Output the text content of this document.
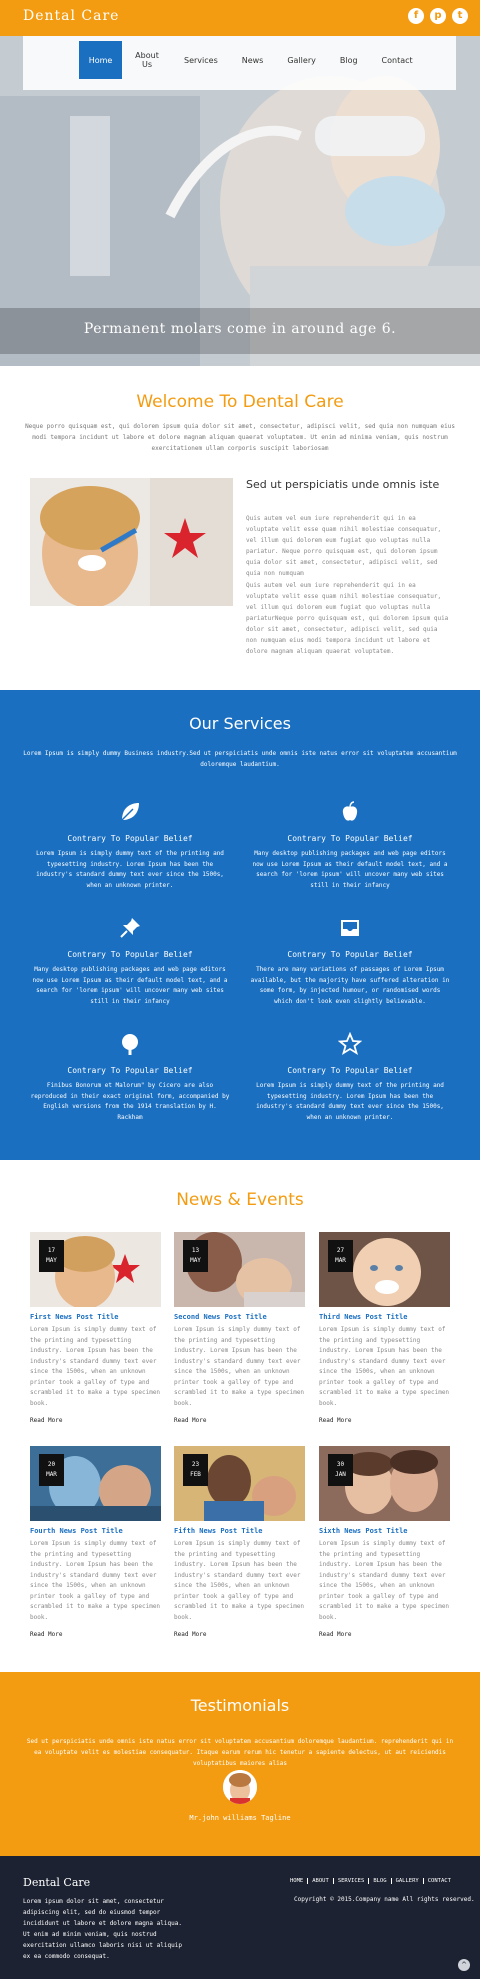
Dental Care	f	p	t
Home	About Us	Services	News	Gallery	Blog	Contact
Permanent molars come in around age 6.
Welcome To Dental Care
Neque porro quisquam est, qui dolorem ipsum quia dolor sit amet, consectetur, adipisci velit, sed quia non numquam eius modi tempora incidunt ut labore et dolore magnam aliquam quaerat voluptatem. Ut enim ad minima veniam, quis nostrum exercitationem ullam corporis suscipit laboriosam
Sed ut perspiciatis unde omnis iste
Quis autem vel eum iure reprehenderit qui in ea voluptate velit esse quam nihil molestiae consequatur, vel illum qui dolorem eum fugiat quo voluptas nulla pariatur. Neque porro quisquam est, qui dolorem ipsum quia dolor sit amet, consectetur, adipisci velit, sed quia non numquam
Quis autem vel eum iure reprehenderit qui in ea voluptate velit esse quam nihil molestiae consequatur, vel illum qui dolorem eum fugiat quo voluptas nulla pariaturNeque porro quisquam est, qui dolorem ipsum quia dolor sit amet, consectetur, adipisci velit, sed quia non numquam eius modi tempora incidunt ut labore et dolore magnam aliquam quaerat voluptatem.
Our Services
Lorem Ipsum is simply dummy Business industry.Sed ut perspiciatis unde omnis iste natus error sit voluptatem accusantium doloremque laudantium.
Contrary To Popular Belief
Lorem Ipsum is simply dummy text of the printing and typesetting industry. Lorem Ipsum has been the industry's standard dummy text ever since the 1500s, when an unknown printer.
Contrary To Popular Belief
Many desktop publishing packages and web page editors now use Lorem Ipsum as their default model text, and a search for 'lorem ipsum' will uncover many web sites still in their infancy
Contrary To Popular Belief
Many desktop publishing packages and web page editors now use Lorem Ipsum as their default model text, and a search for 'lorem ipsum' will uncover many web sites still in their infancy
Contrary To Popular Belief
There are many variations of passages of Lorem Ipsum available, but the majority have suffered alteration in some form, by injected humour, or randomised words which don't look even slightly believable.
Contrary To Popular Belief
Finibus Bonorum et Malorum" by Cicero are also reproduced in their exact original form, accompanied by English versions from the 1914 translation by H. Rackham
Contrary To Popular Belief
Lorem Ipsum is simply dummy text of the printing and typesetting industry. Lorem Ipsum has been the industry's standard dummy text ever since the 1500s, when an unknown printer.
News & Events
17
MAY
First News Post Title
Lorem Ipsum is simply dummy text of the printing and typesetting industry. Lorem Ipsum has been the industry's standard dummy text ever since the 1500s, when an unknown printer took a galley of type and scrambled it to make a type specimen book.
Read More
13
MAY
Second News Post Title
Lorem Ipsum is simply dummy text of the printing and typesetting industry. Lorem Ipsum has been the industry's standard dummy text ever since the 1500s, when an unknown printer took a galley of type and scrambled it to make a type specimen book.
Read More
27
MAR
Third News Post Title
Lorem Ipsum is simply dummy text of the printing and typesetting industry. Lorem Ipsum has been the industry's standard dummy text ever since the 1500s, when an unknown printer took a galley of type and scrambled it to make a type specimen book.
Read More
20
MAR
Fourth News Post Title
Lorem Ipsum is simply dummy text of the printing and typesetting industry. Lorem Ipsum has been the industry's standard dummy text ever since the 1500s, when an unknown printer took a galley of type and scrambled it to make a type specimen book.
Read More
23
FEB
Fifth News Post Title
Lorem Ipsum is simply dummy text of the printing and typesetting industry. Lorem Ipsum has been the industry's standard dummy text ever since the 1500s, when an unknown printer took a galley of type and scrambled it to make a type specimen book.
Read More
30
JAN
Sixth News Post Title
Lorem Ipsum is simply dummy text of the printing and typesetting industry. Lorem Ipsum has been the industry's standard dummy text ever since the 1500s, when an unknown printer took a galley of type and scrambled it to make a type specimen book.
Read More
Testimonials
Sed ut perspiciatis unde omnis iste natus error sit voluptatem accusantium doloremque laudantium. reprehenderit qui in ea voluptate velit es molestiae consequatur. Itaque earum rerum hic tenetur a sapiente delectus, ut aut reiciendis voluptatibus maiores alias
Mr.john williams Tagline
Dental Care
Lorem ipsum dolor sit amet, consectetur adipiscing elit, sed do eiusmod tempor incididunt ut labore et dolore magna aliqua. Ut enim ad minim veniam, quis nostrud exercitation ullamco laboris nisi ut aliquip ex ea commodo consequat.
HOME	ABOUT	SERVICES	BLOG	GALLERY	CONTACT
Copyright © 2015.Company name All rights reserved.
^
